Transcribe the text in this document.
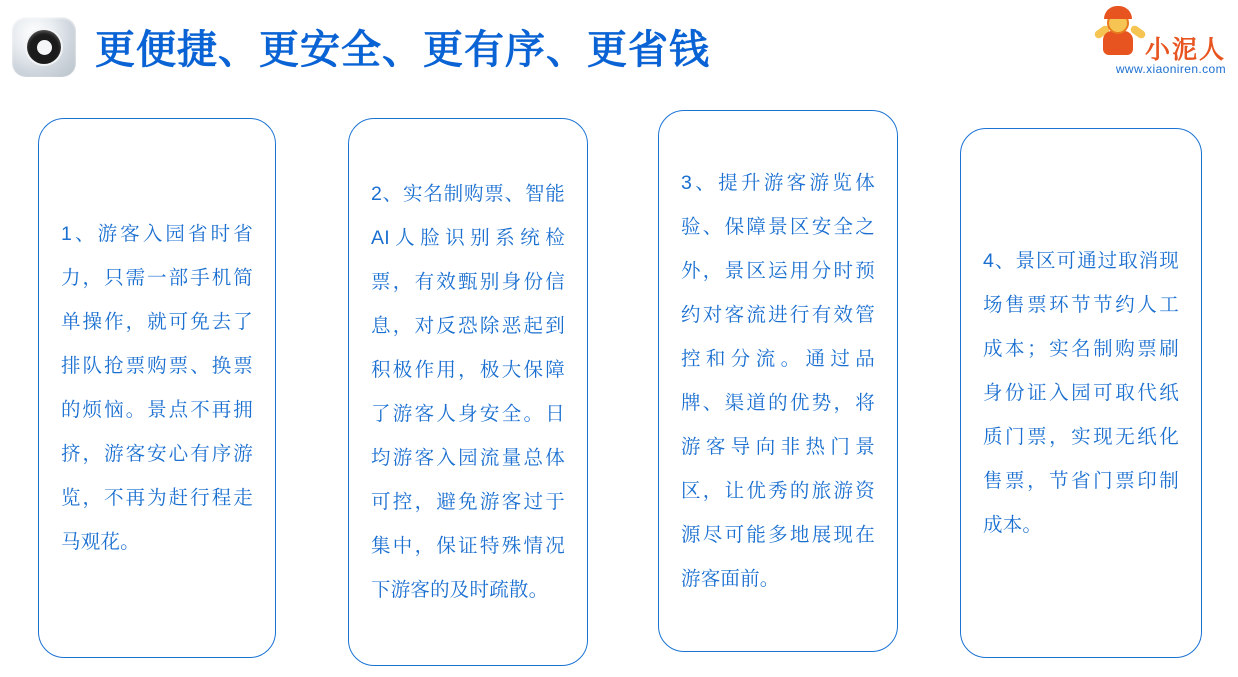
更便捷、更安全、更有序、更省钱	小泥人
www.xiaoniren.com
1、游客入园省时省力，只需一部手机简单操作，就可免去了排队抢票购票、换票的烦恼。景点不再拥挤，游客安心有序游览，不再为赶行程走马观花。
2、实名制购票、智能AI人脸识别系统检票，有效甄别身份信息，对反恐除恶起到积极作用，极大保障了游客人身安全。日均游客入园流量总体可控，避免游客过于集中，保证特殊情况下游客的及时疏散。
3、提升游客游览体验、保障景区安全之外，景区运用分时预约对客流进行有效管控和分流。通过品牌、渠道的优势，将游客导向非热门景区，让优秀的旅游资源尽可能多地展现在游客面前。
4、景区可通过取消现场售票环节节约人工成本；实名制购票刷身份证入园可取代纸质门票，实现无纸化售票，节省门票印制成本。
